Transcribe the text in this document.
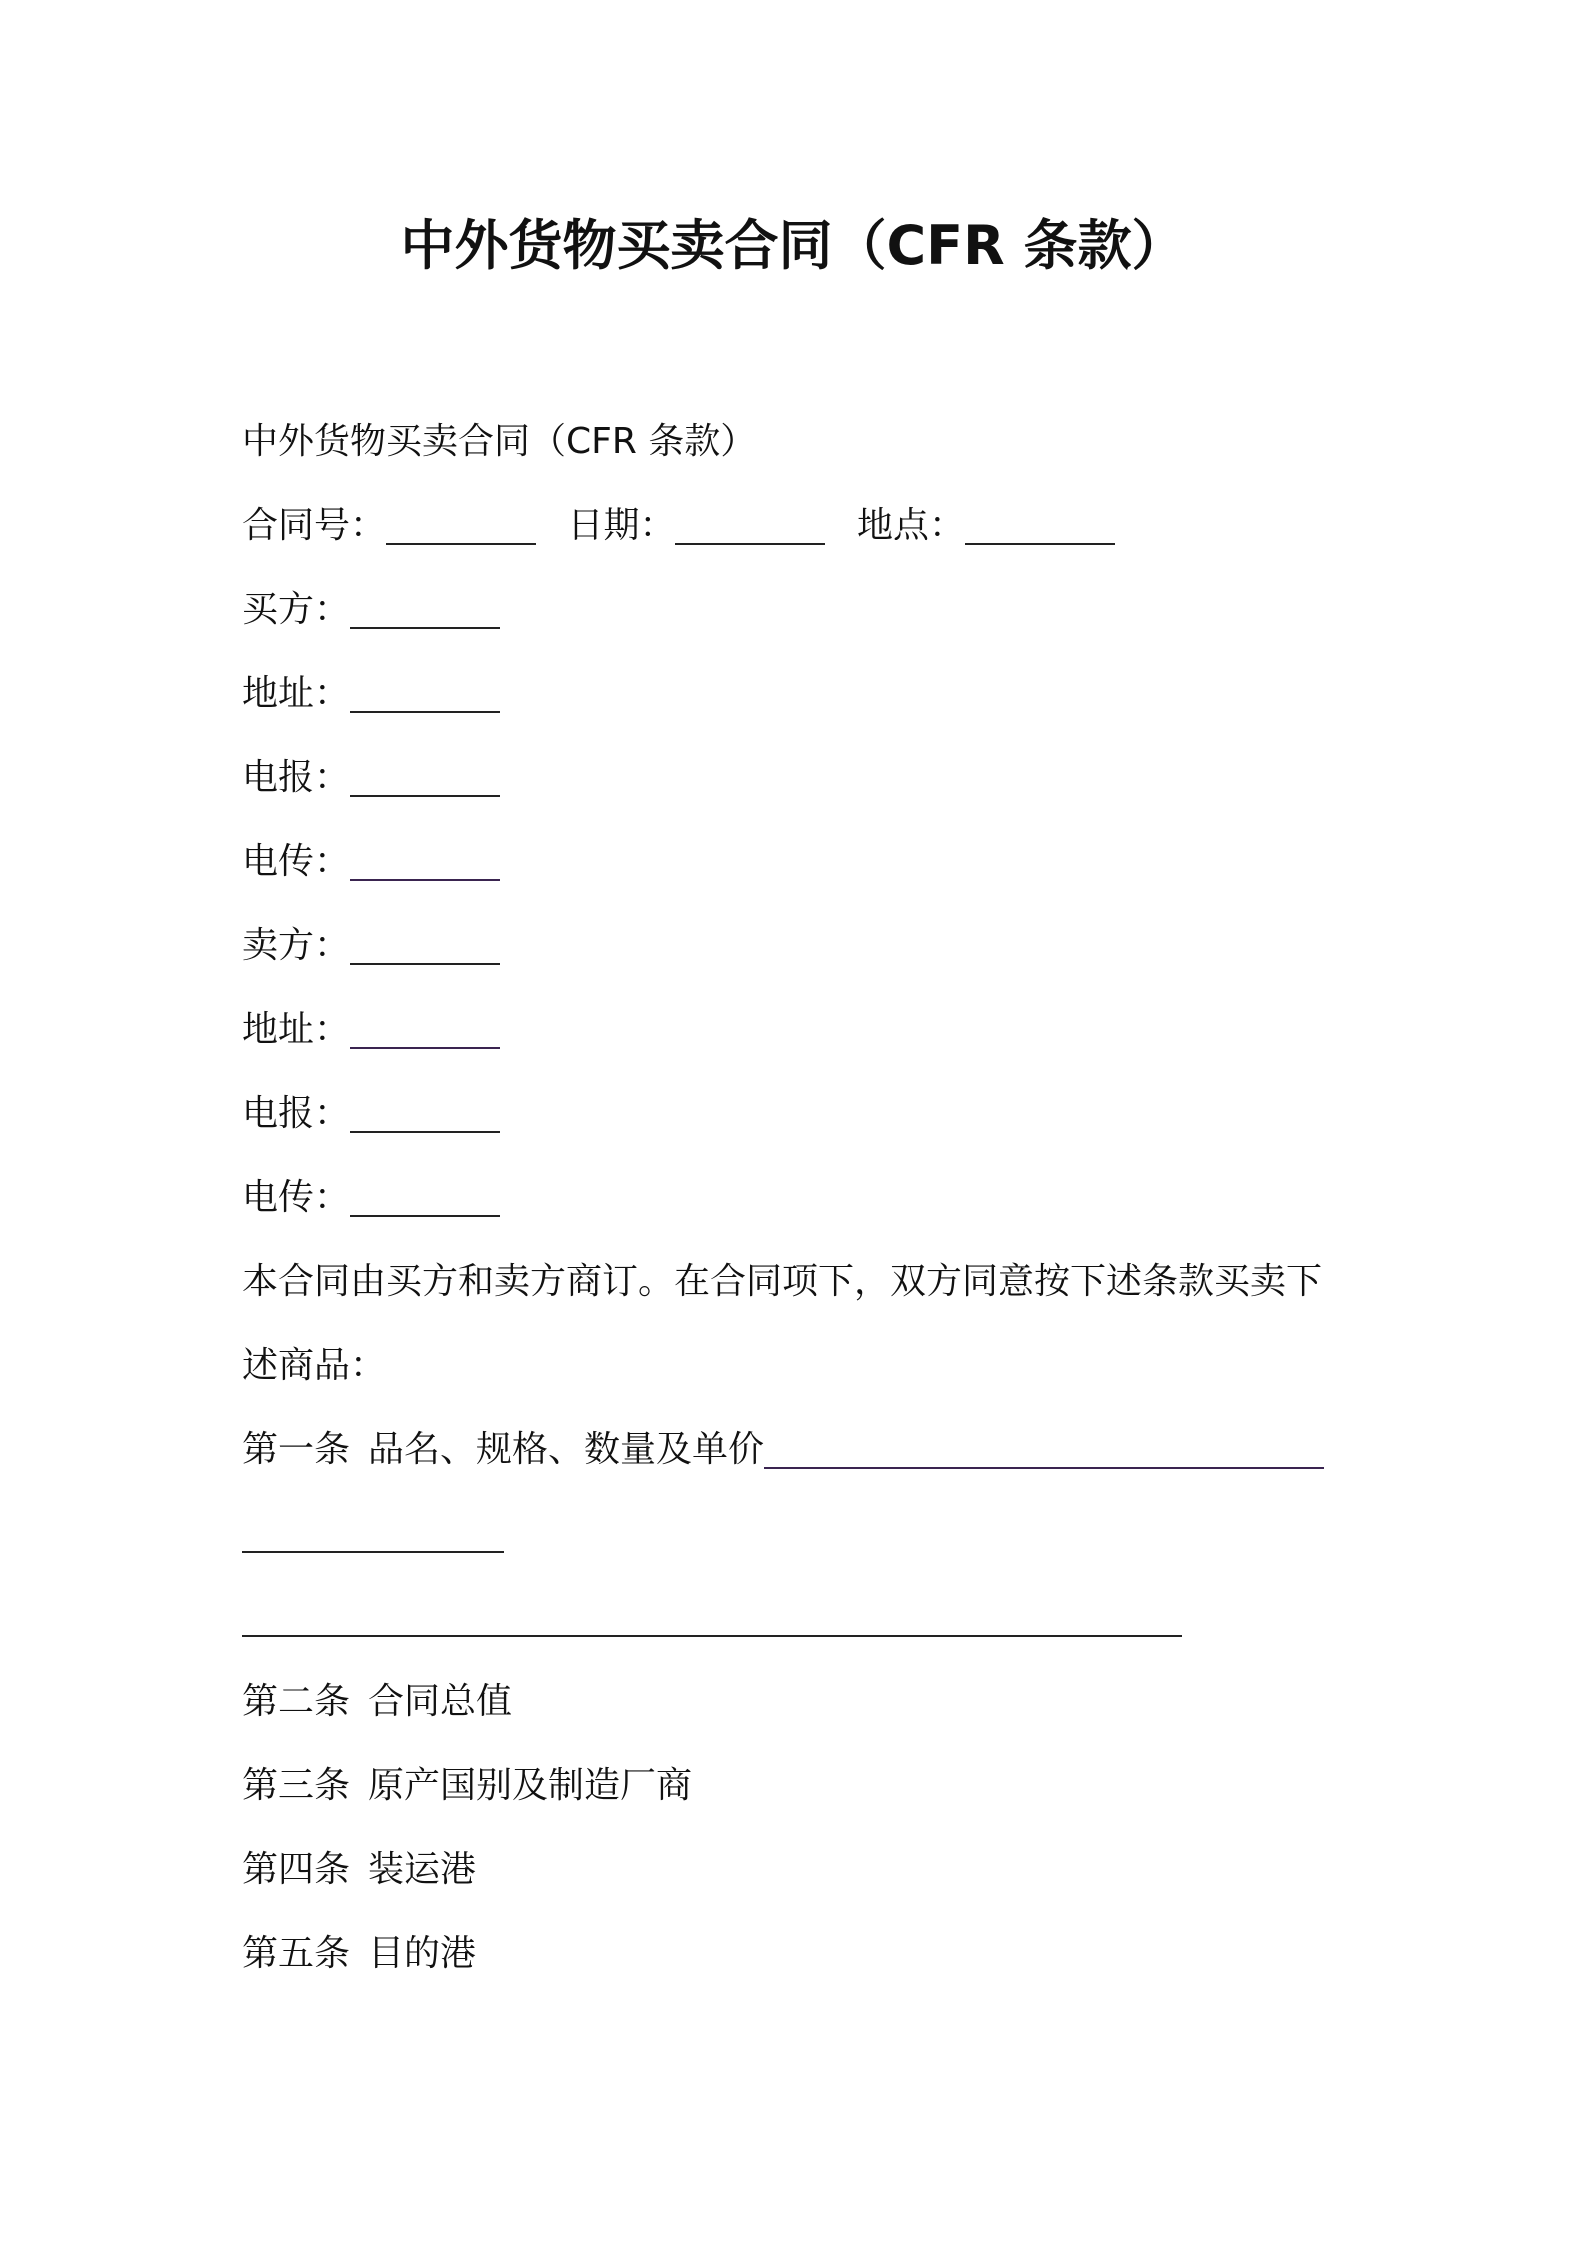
中外货物买卖合同（CFR 条款）
中外货物买卖合同（CFR 条款）
合同号：	日期：	地点：
买方：
地址：
电报：
电传：
卖方：
地址：
电报：
电传：
本合同由买方和卖方商订。在合同项下，双方同意按下述条款买卖下
述商品：
第一条 品名、规格、数量及单价
第二条 合同总值
第三条 原产国别及制造厂商
第四条 装运港
第五条 目的港
